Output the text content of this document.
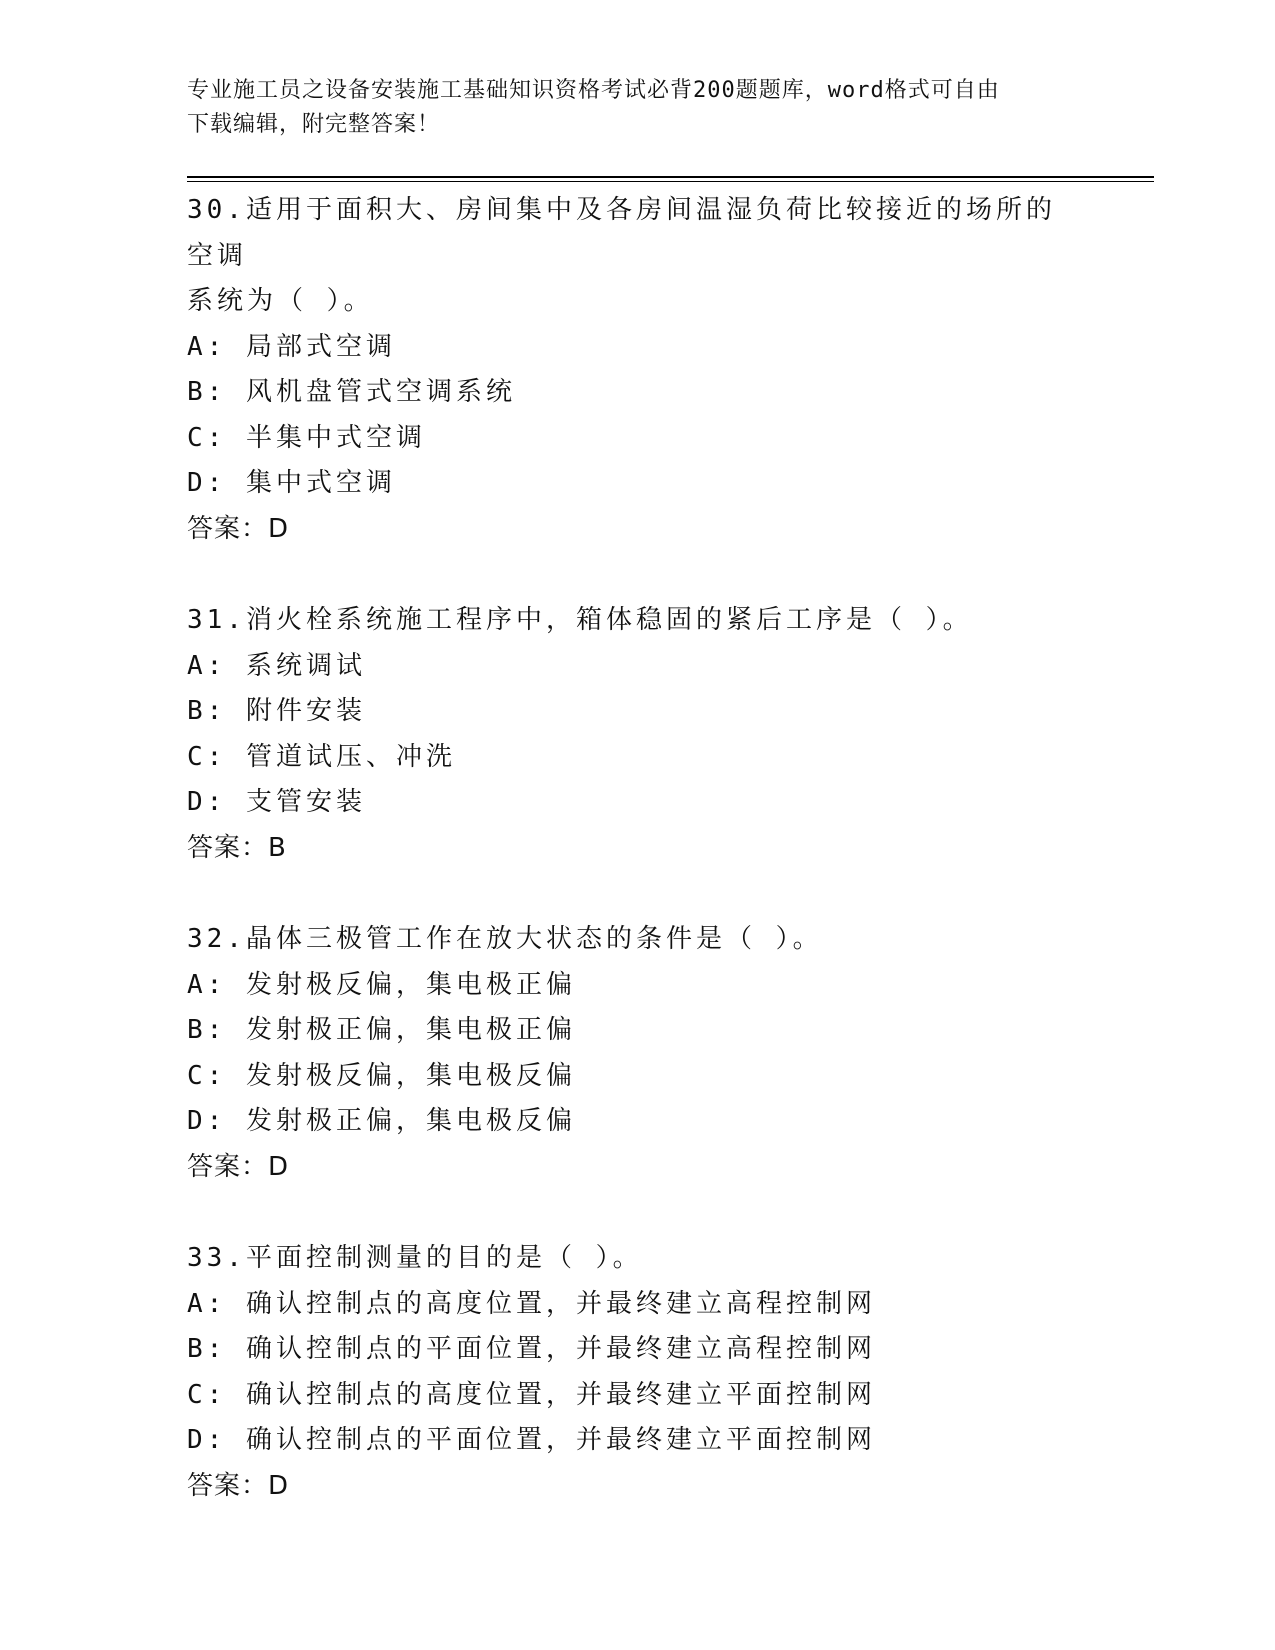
专业施工员之设备安装施工基础知识资格考试必背200题题库，word格式可自由
下载编辑，附完整答案！
30.适用于面积大、房间集中及各房间温湿负荷比较接近的场所的空调
系统为（ ）。
A: 局部式空调
B: 风机盘管式空调系统
C: 半集中式空调
D: 集中式空调
答案：D
31.消火栓系统施工程序中，箱体稳固的紧后工序是（ ）。
A: 系统调试
B: 附件安装
C: 管道试压、冲洗
D: 支管安装
答案：B
32.晶体三极管工作在放大状态的条件是（ ）。
A: 发射极反偏，集电极正偏
B: 发射极正偏，集电极正偏
C: 发射极反偏，集电极反偏
D: 发射极正偏，集电极反偏
答案：D
33.平面控制测量的目的是（ ）。
A: 确认控制点的高度位置，并最终建立高程控制网
B: 确认控制点的平面位置，并最终建立高程控制网
C: 确认控制点的高度位置，并最终建立平面控制网
D: 确认控制点的平面位置，并最终建立平面控制网
答案：D
